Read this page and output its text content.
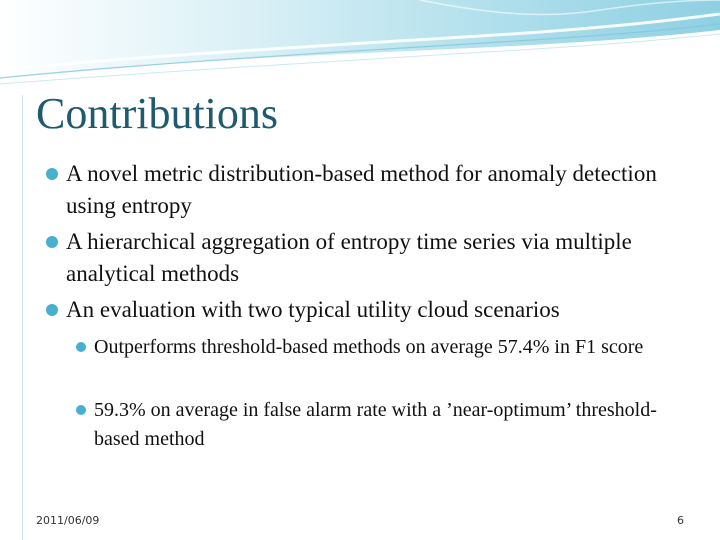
Contributions
A novel metric distribution-based method for anomaly detection using entropy
A hierarchical aggregation of entropy time series via multiple analytical methods
An evaluation with two typical utility cloud scenarios
Outperforms threshold-based methods on average 57.4% in F1 score
59.3% on average in false alarm rate with a ’near-optimum’ threshold-based method
2011/06/09	6
